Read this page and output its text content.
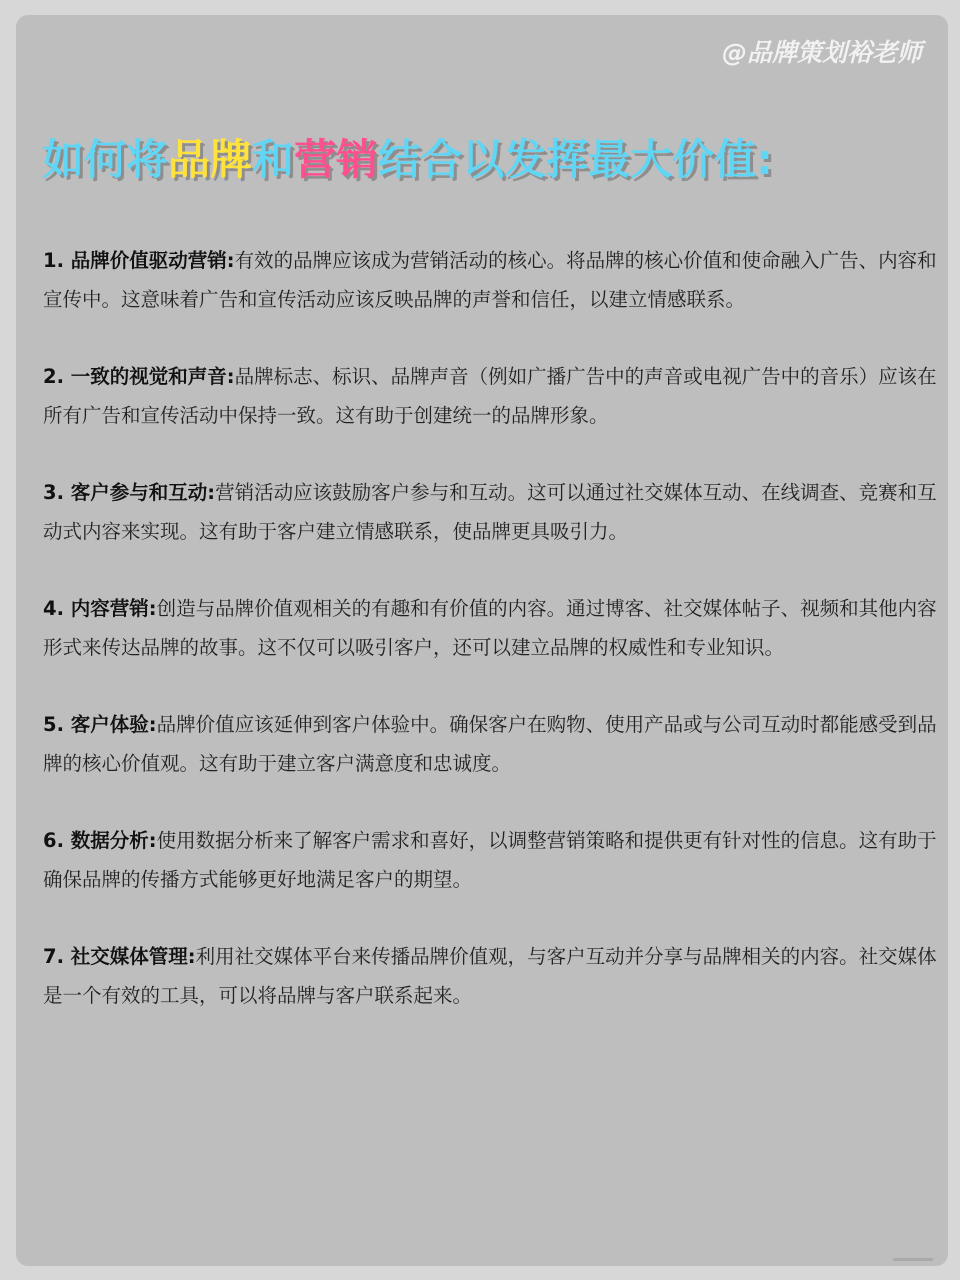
@品牌策划裕老师
如何将品牌和营销结合以发挥最大价值:

1. 品牌价值驱动营销:有效的品牌应该成为营销活动的核心。将品牌的核心价值和使命融入广告、内容和宣传中。这意味着广告和宣传活动应该反映品牌的声誉和信任，以建立情感联系。

2. 一致的视觉和声音:品牌标志、标识、品牌声音（例如广播广告中的声音或电视广告中的音乐）应该在所有广告和宣传活动中保持一致。这有助于创建统一的品牌形象。

3. 客户参与和互动:营销活动应该鼓励客户参与和互动。这可以通过社交媒体互动、在线调查、竞赛和互动式内容来实现。这有助于客户建立情感联系，使品牌更具吸引力。

4. 内容营销:创造与品牌价值观相关的有趣和有价值的内容。通过博客、社交媒体帖子、视频和其他内容形式来传达品牌的故事。这不仅可以吸引客户，还可以建立品牌的权威性和专业知识。

5. 客户体验:品牌价值应该延伸到客户体验中。确保客户在购物、使用产品或与公司互动时都能感受到品牌的核心价值观。这有助于建立客户满意度和忠诚度。

6. 数据分析:使用数据分析来了解客户需求和喜好，以调整营销策略和提供更有针对性的信息。这有助于确保品牌的传播方式能够更好地满足客户的期望。

7. 社交媒体管理:利用社交媒体平台来传播品牌价值观，与客户互动并分享与品牌相关的内容。社交媒体是一个有效的工具，可以将品牌与客户联系起来。
